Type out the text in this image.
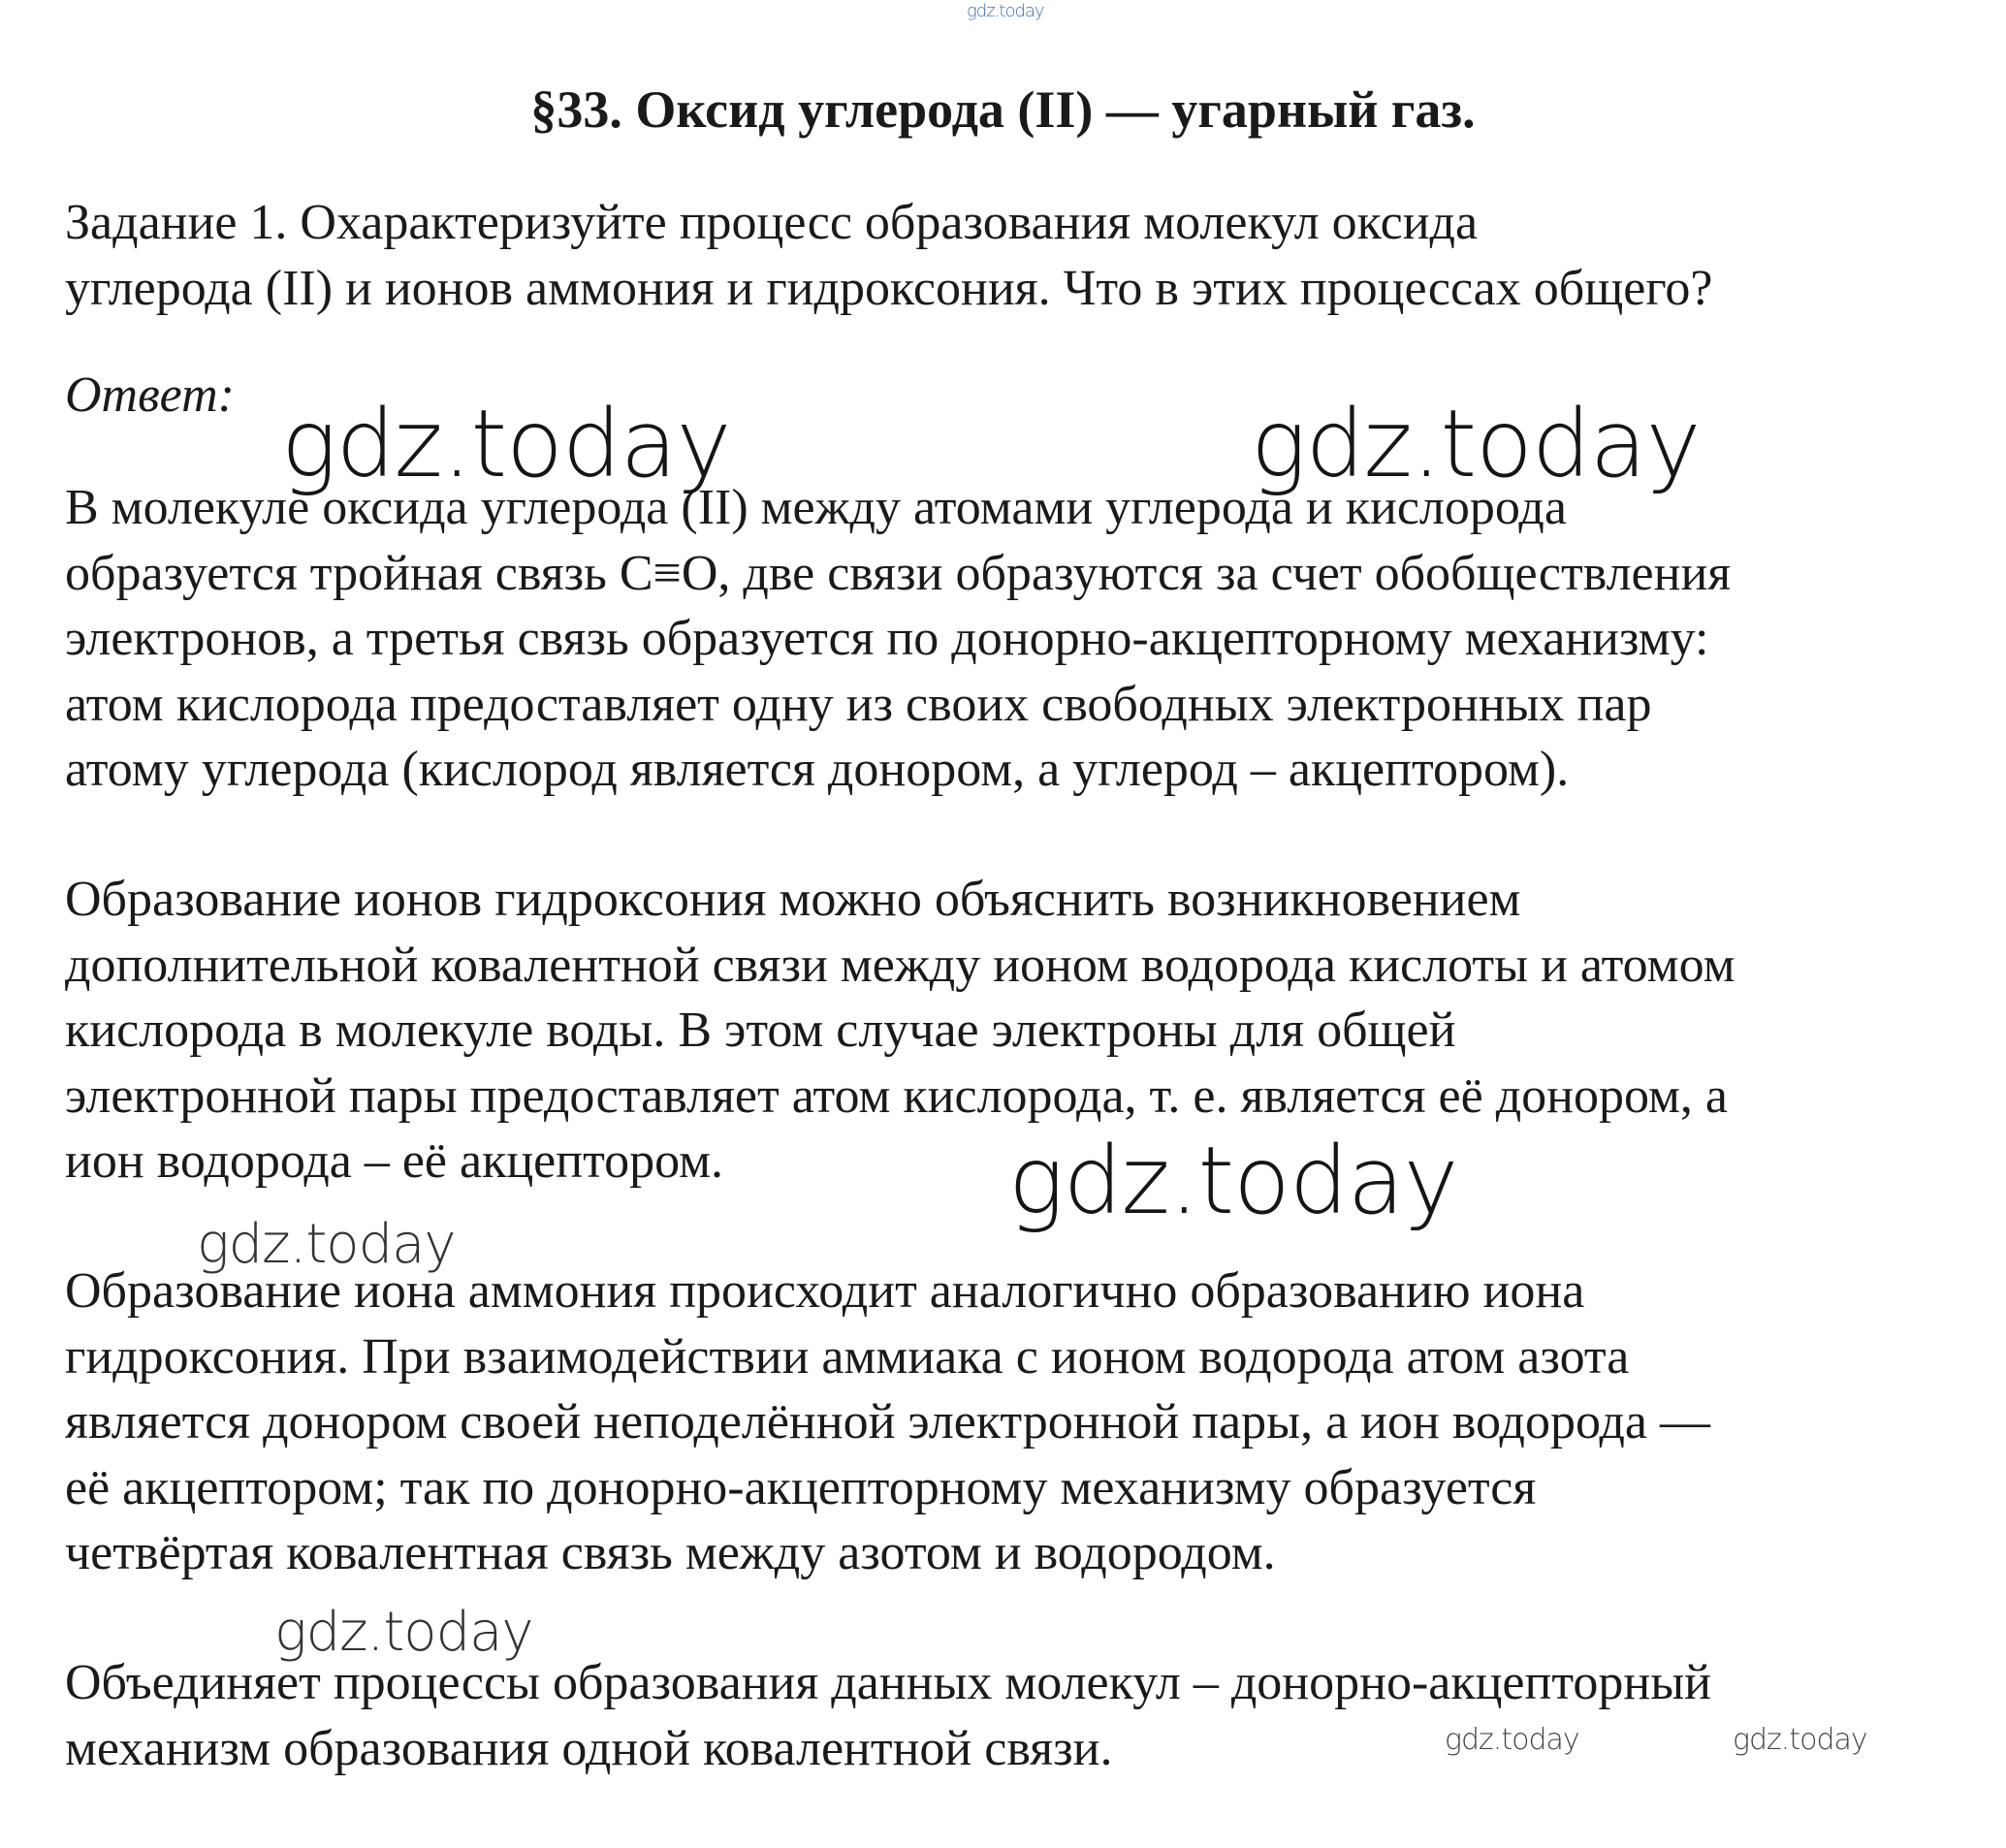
gdz.today
§33. Оксид углерода (II) — угарный газ.

Задание 1. Охарактеризуйте процесс образования молекул оксида
углерода (II) и ионов аммония и гидроксония. Что в этих процессах общего?

Ответ:

В молекуле оксида углерода (II) между атомами углерода и кислорода
образуется тройная связь С≡О, две связи образуются за счет обобществления
электронов, а третья связь образуется по донорно-акцепторному механизму:
атом кислорода предоставляет одну из своих свободных электронных пар
атому углерода (кислород является донором, а углерод – акцептором).

Образование ионов гидроксония можно объяснить возникновением
дополнительной ковалентной связи между ионом водорода кислоты и атомом
кислорода в молекуле воды. В этом случае электроны для общей
электронной пары предоставляет атом кислорода, т. е. является её донором, а
ион водорода – её акцептором.

Образование иона аммония происходит аналогично образованию иона
гидроксония. При взаимодействии аммиака с ионом водорода атом азота
является донором своей неподелённой электронной пары, а ион водорода —
её акцептором; так по донорно-акцепторному механизму образуется
четвёртая ковалентная связь между азотом и водородом.

Объединяет процессы образования данных молекул – донорно-акцепторный
механизм образования одной ковалентной связи.

gdz.today	gdz.today
gdz.today
gdz.today
gdz.today
gdz.today	gdz.today
